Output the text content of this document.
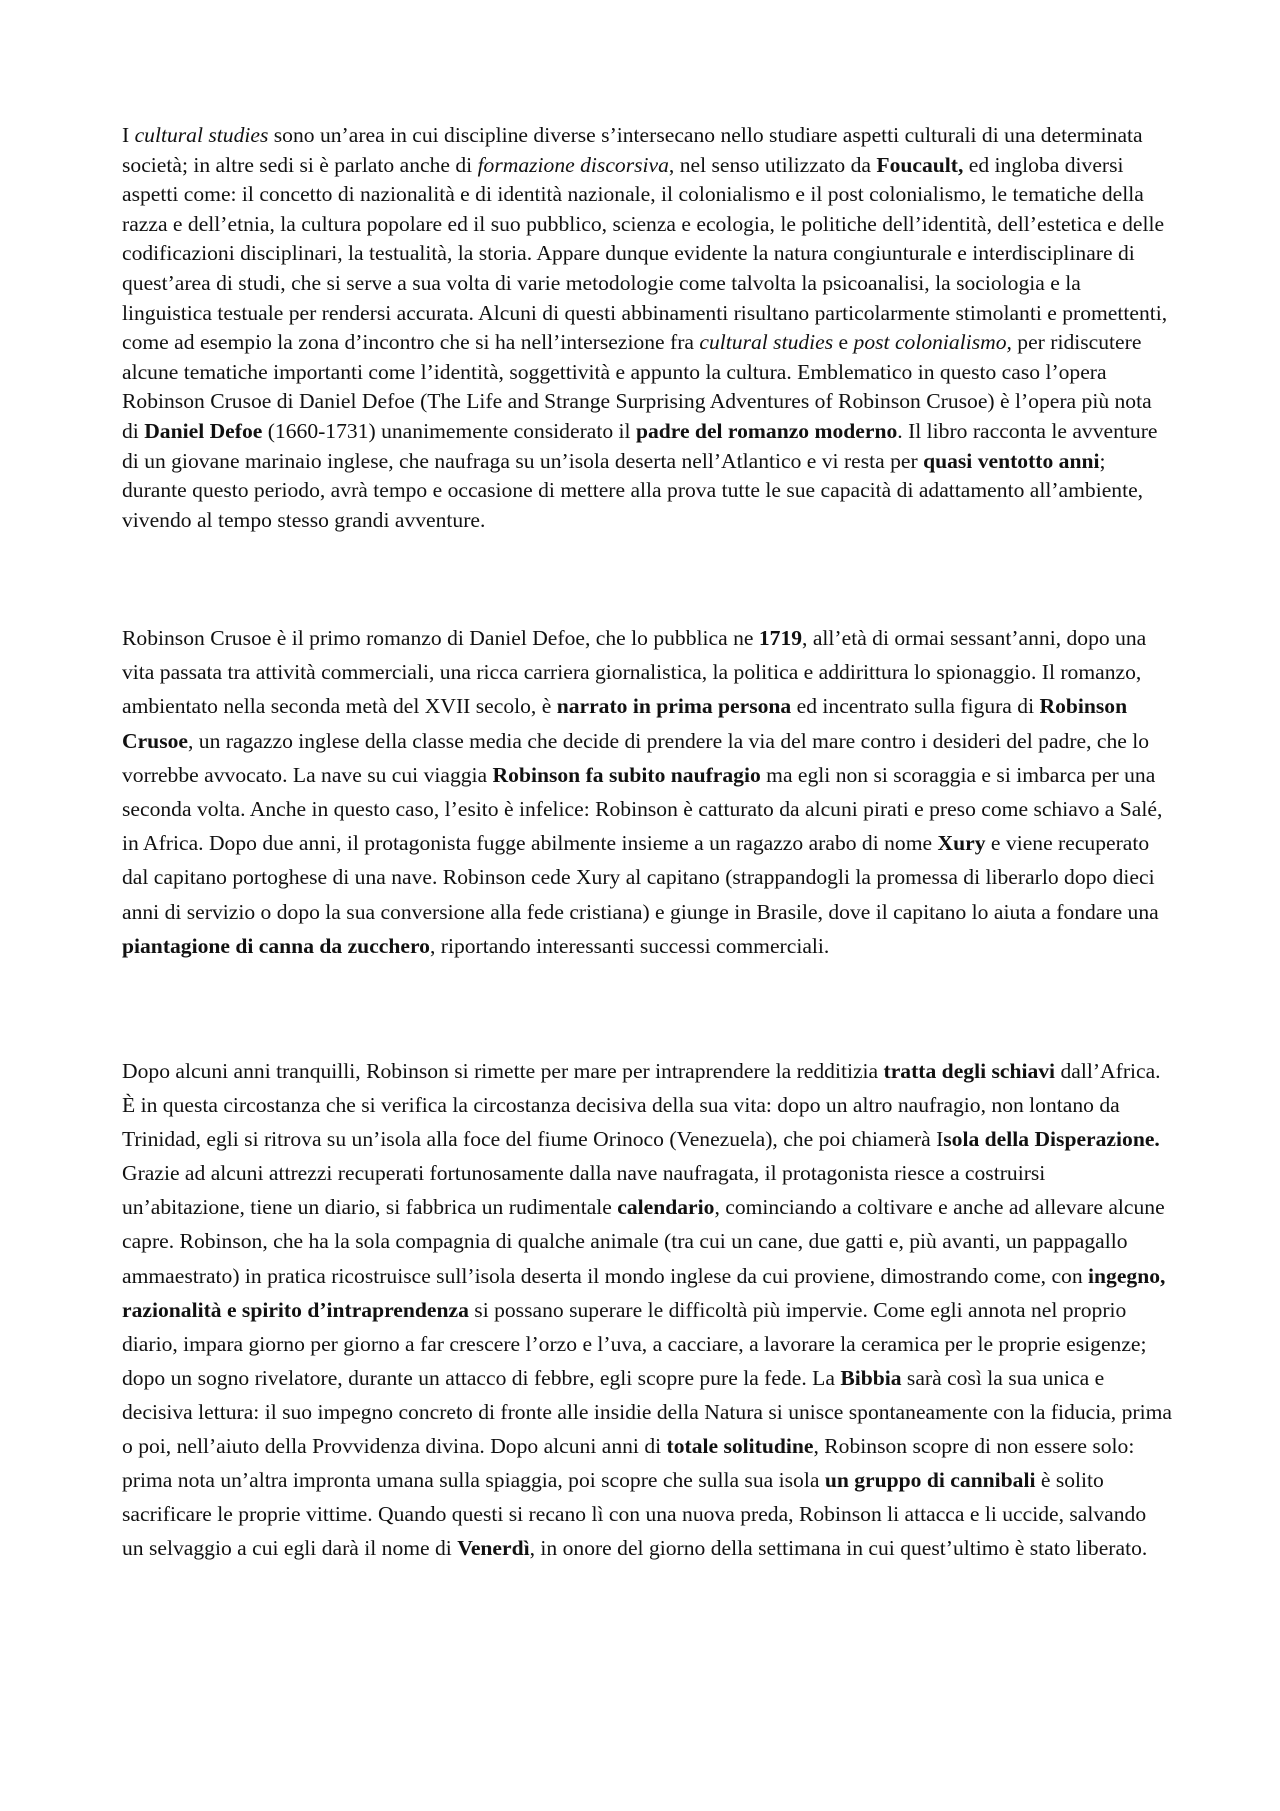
I cultural studies sono un’area in cui discipline diverse s’intersecano nello studiare aspetti culturali di una determinata società; in altre sedi si è parlato anche di formazione discorsiva, nel senso utilizzato da Foucault, ed ingloba diversi aspetti come: il concetto di nazionalità e di identità nazionale, il colonialismo e il post colonialismo, le tematiche della razza e dell’etnia, la cultura popolare ed il suo pubblico, scienza e ecologia, le politiche dell’identità, dell’estetica e delle codificazioni disciplinari, la testualità, la storia. Appare dunque evidente la natura congiunturale e interdisciplinare di quest’area di studi, che si serve a sua volta di varie metodologie come talvolta la psicoanalisi, la sociologia e la linguistica testuale per rendersi accurata. Alcuni di questi abbinamenti risultano particolarmente stimolanti e promettenti, come ad esempio la zona d’incontro che si ha nell’intersezione fra cultural studies e post colonialismo, per ridiscutere alcune tematiche importanti come l’identità, soggettività e appunto la cultura. Emblematico in questo caso l’opera Robinson Crusoe di Daniel Defoe (The Life and Strange Surprising Adventures of Robinson Crusoe) è l’opera più nota di Daniel Defoe (1660-1731) unanimemente considerato il padre del romanzo moderno. Il libro racconta le avventure di un giovane marinaio inglese, che naufraga su un’isola deserta nell’Atlantico e vi resta per quasi ventotto anni; durante questo periodo, avrà tempo e occasione di mettere alla prova tutte le sue capacità di adattamento all’ambiente, vivendo al tempo stesso grandi avventure.

Robinson Crusoe è il primo romanzo di Daniel Defoe, che lo pubblica ne 1719, all’età di ormai sessant’anni, dopo una vita passata tra attività commerciali, una ricca carriera giornalistica, la politica e addirittura lo spionaggio. Il romanzo, ambientato nella seconda metà del XVII secolo, è narrato in prima persona ed incentrato sulla figura di Robinson Crusoe, un ragazzo inglese della classe media che decide di prendere la via del mare contro i desideri del padre, che lo vorrebbe avvocato. La nave su cui viaggia Robinson fa subito naufragio ma egli non si scoraggia e si imbarca per una seconda volta. Anche in questo caso, l’esito è infelice: Robinson è catturato da alcuni pirati e preso come schiavo a Salé, in Africa. Dopo due anni, il protagonista fugge abilmente insieme a un ragazzo arabo di nome Xury e viene recuperato dal capitano portoghese di una nave. Robinson cede Xury al capitano (strappandogli la promessa di liberarlo dopo dieci anni di servizio o dopo la sua conversione alla fede cristiana) e giunge in Brasile, dove il capitano lo aiuta a fondare una piantagione di canna da zucchero, riportando interessanti successi commerciali.

Dopo alcuni anni tranquilli, Robinson si rimette per mare per intraprendere la redditizia tratta degli schiavi dall’Africa. È in questa circostanza che si verifica la circostanza decisiva della sua vita: dopo un altro naufragio, non lontano da Trinidad, egli si ritrova su un’isola alla foce del fiume Orinoco (Venezuela), che poi chiamerà Isola della Disperazione. Grazie ad alcuni attrezzi recuperati fortunosamente dalla nave naufragata, il protagonista riesce a costruirsi un’abitazione, tiene un diario, si fabbrica un rudimentale calendario, cominciando a coltivare e anche ad allevare alcune capre. Robinson, che ha la sola compagnia di qualche animale (tra cui un cane, due gatti e, più avanti, un pappagallo ammaestrato) in pratica ricostruisce sull’isola deserta il mondo inglese da cui proviene, dimostrando come, con ingegno, razionalità e spirito d’intraprendenza si possano superare le difficoltà più impervie. Come egli annota nel proprio diario, impara giorno per giorno a far crescere l’orzo e l’uva, a cacciare, a lavorare la ceramica per le proprie esigenze; dopo un sogno rivelatore, durante un attacco di febbre, egli scopre pure la fede. La Bibbia sarà così la sua unica e decisiva lettura: il suo impegno concreto di fronte alle insidie della Natura si unisce spontaneamente con la fiducia, prima o poi, nell’aiuto della Provvidenza divina. Dopo alcuni anni di totale solitudine, Robinson scopre di non essere solo: prima nota un’altra impronta umana sulla spiaggia, poi scopre che sulla sua isola un gruppo di cannibali è solito sacrificare le proprie vittime. Quando questi si recano lì con una nuova preda, Robinson li attacca e li uccide, salvando un selvaggio a cui egli darà il nome di Venerdì, in onore del giorno della settimana in cui quest’ultimo è stato liberato.
